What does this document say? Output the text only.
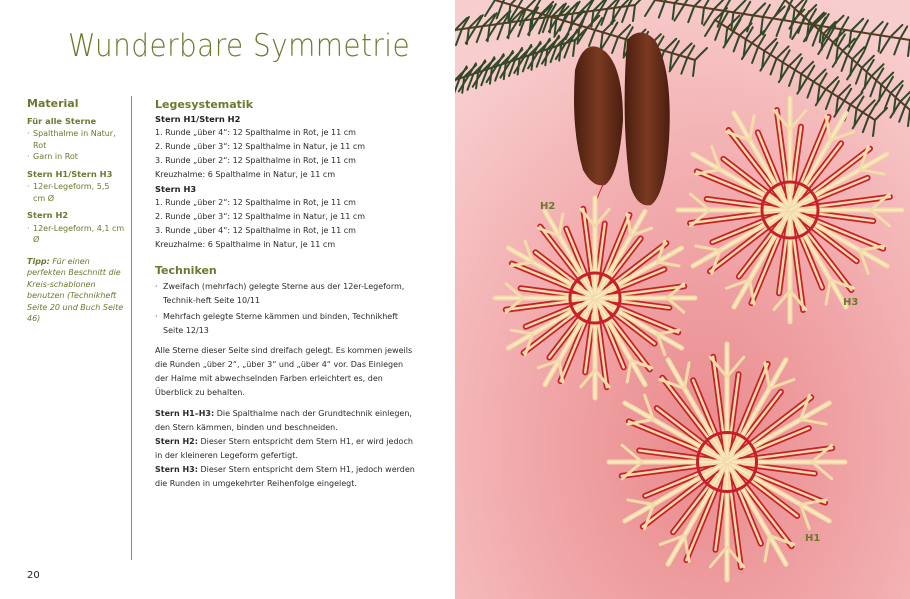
Wunderbare Symmetrie
Material
Für alle Sterne
· Spalthalme in Natur, Rot
· Garn in Rot
Stern H1/Stern H3
· 12er-Legeform, 5,5 cm Ø
Stern H2
· 12er-Legeform, 4,1 cm Ø
Tipp: Für einen perfekten Beschnitt die Kreis-schablonen benutzen (Technikheft Seite 20 und Buch Seite 46)
Legesystematik
Stern H1/Stern H2
1. Runde „über 4“: 12 Spalthalme in Rot, je 11 cm
2. Runde „über 3“: 12 Spalthalme in Natur, je 11 cm
3. Runde „über 2“: 12 Spalthalme in Rot, je 11 cm
Kreuzhalme: 6 Spalthalme in Natur, je 11 cm
Stern H3
1. Runde „über 2“: 12 Spalthalme in Rot, je 11 cm
2. Runde „über 3“: 12 Spalthalme in Natur, je 11 cm
3. Runde „über 4“: 12 Spalthalme in Rot, je 11 cm
Kreuzhalme: 6 Spalthalme in Natur, je 11 cm
Techniken
· Zweifach (mehrfach) gelegte Sterne aus der 12er-Legeform, Technik-heft Seite 10/11
· Mehrfach gelegte Sterne kämmen und binden, Technikheft Seite 12/13

Alle Sterne dieser Seite sind dreifach gelegt. Es kommen jeweils die Runden „über 2“, „über 3“ und „über 4“ vor. Das Einlegen der Halme mit abwechselnden Farben erleichtert es, den Überblick zu behalten.

Stern H1–H3: Die Spalthalme nach der Grundtechnik einlegen, den Stern kämmen, binden und beschneiden.
Stern H2: Dieser Stern entspricht dem Stern H1, er wird jedoch in der kleineren Legeform gefertigt.
Stern H3: Dieser Stern entspricht dem Stern H1, jedoch werden die Runden in umgekehrter Reihenfolge eingelegt.

20
H2
H3
H1
